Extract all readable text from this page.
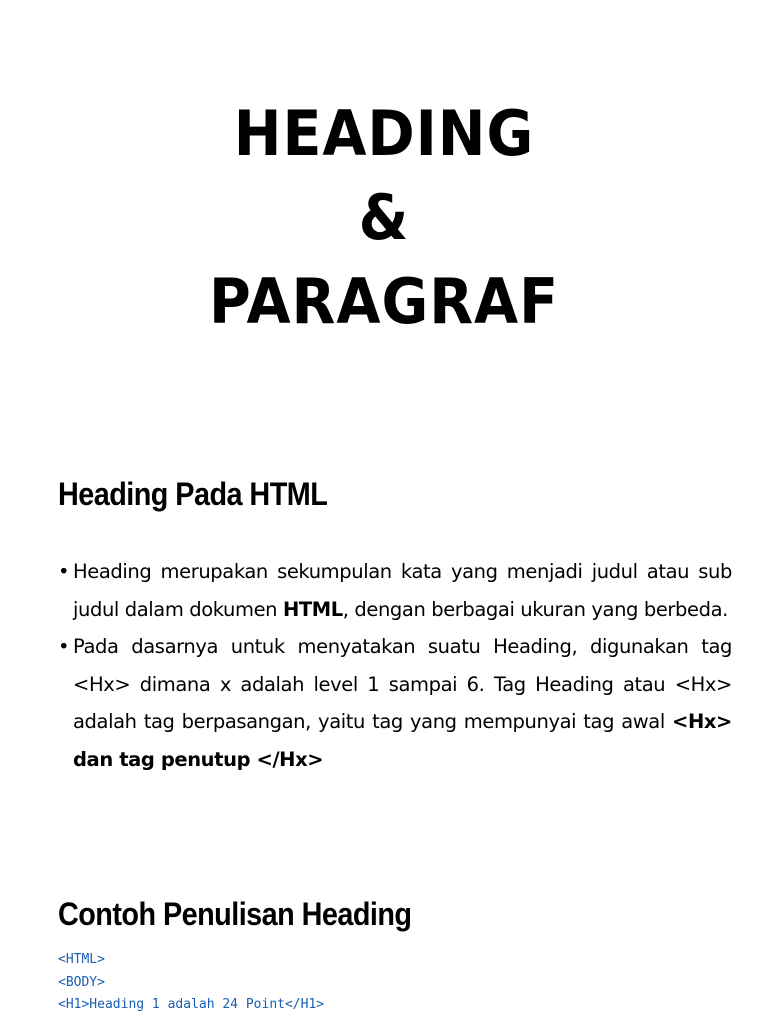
HEADING
&
PARAGRAF
Heading Pada HTML
• Heading merupakan sekumpulan kata yang menjadi judul atau sub judul dalam dokumen HTML, dengan berbagai ukuran yang berbeda.
• Pada dasarnya untuk menyatakan suatu Heading, digunakan tag <Hx> dimana x adalah level 1 sampai 6. Tag Heading atau <Hx> adalah tag berpasangan, yaitu tag yang mempunyai tag awal <Hx> dan tag penutup </Hx>
Contoh Penulisan Heading
<HTML>
<BODY>
<H1>Heading 1 adalah 24 Point</H1>
